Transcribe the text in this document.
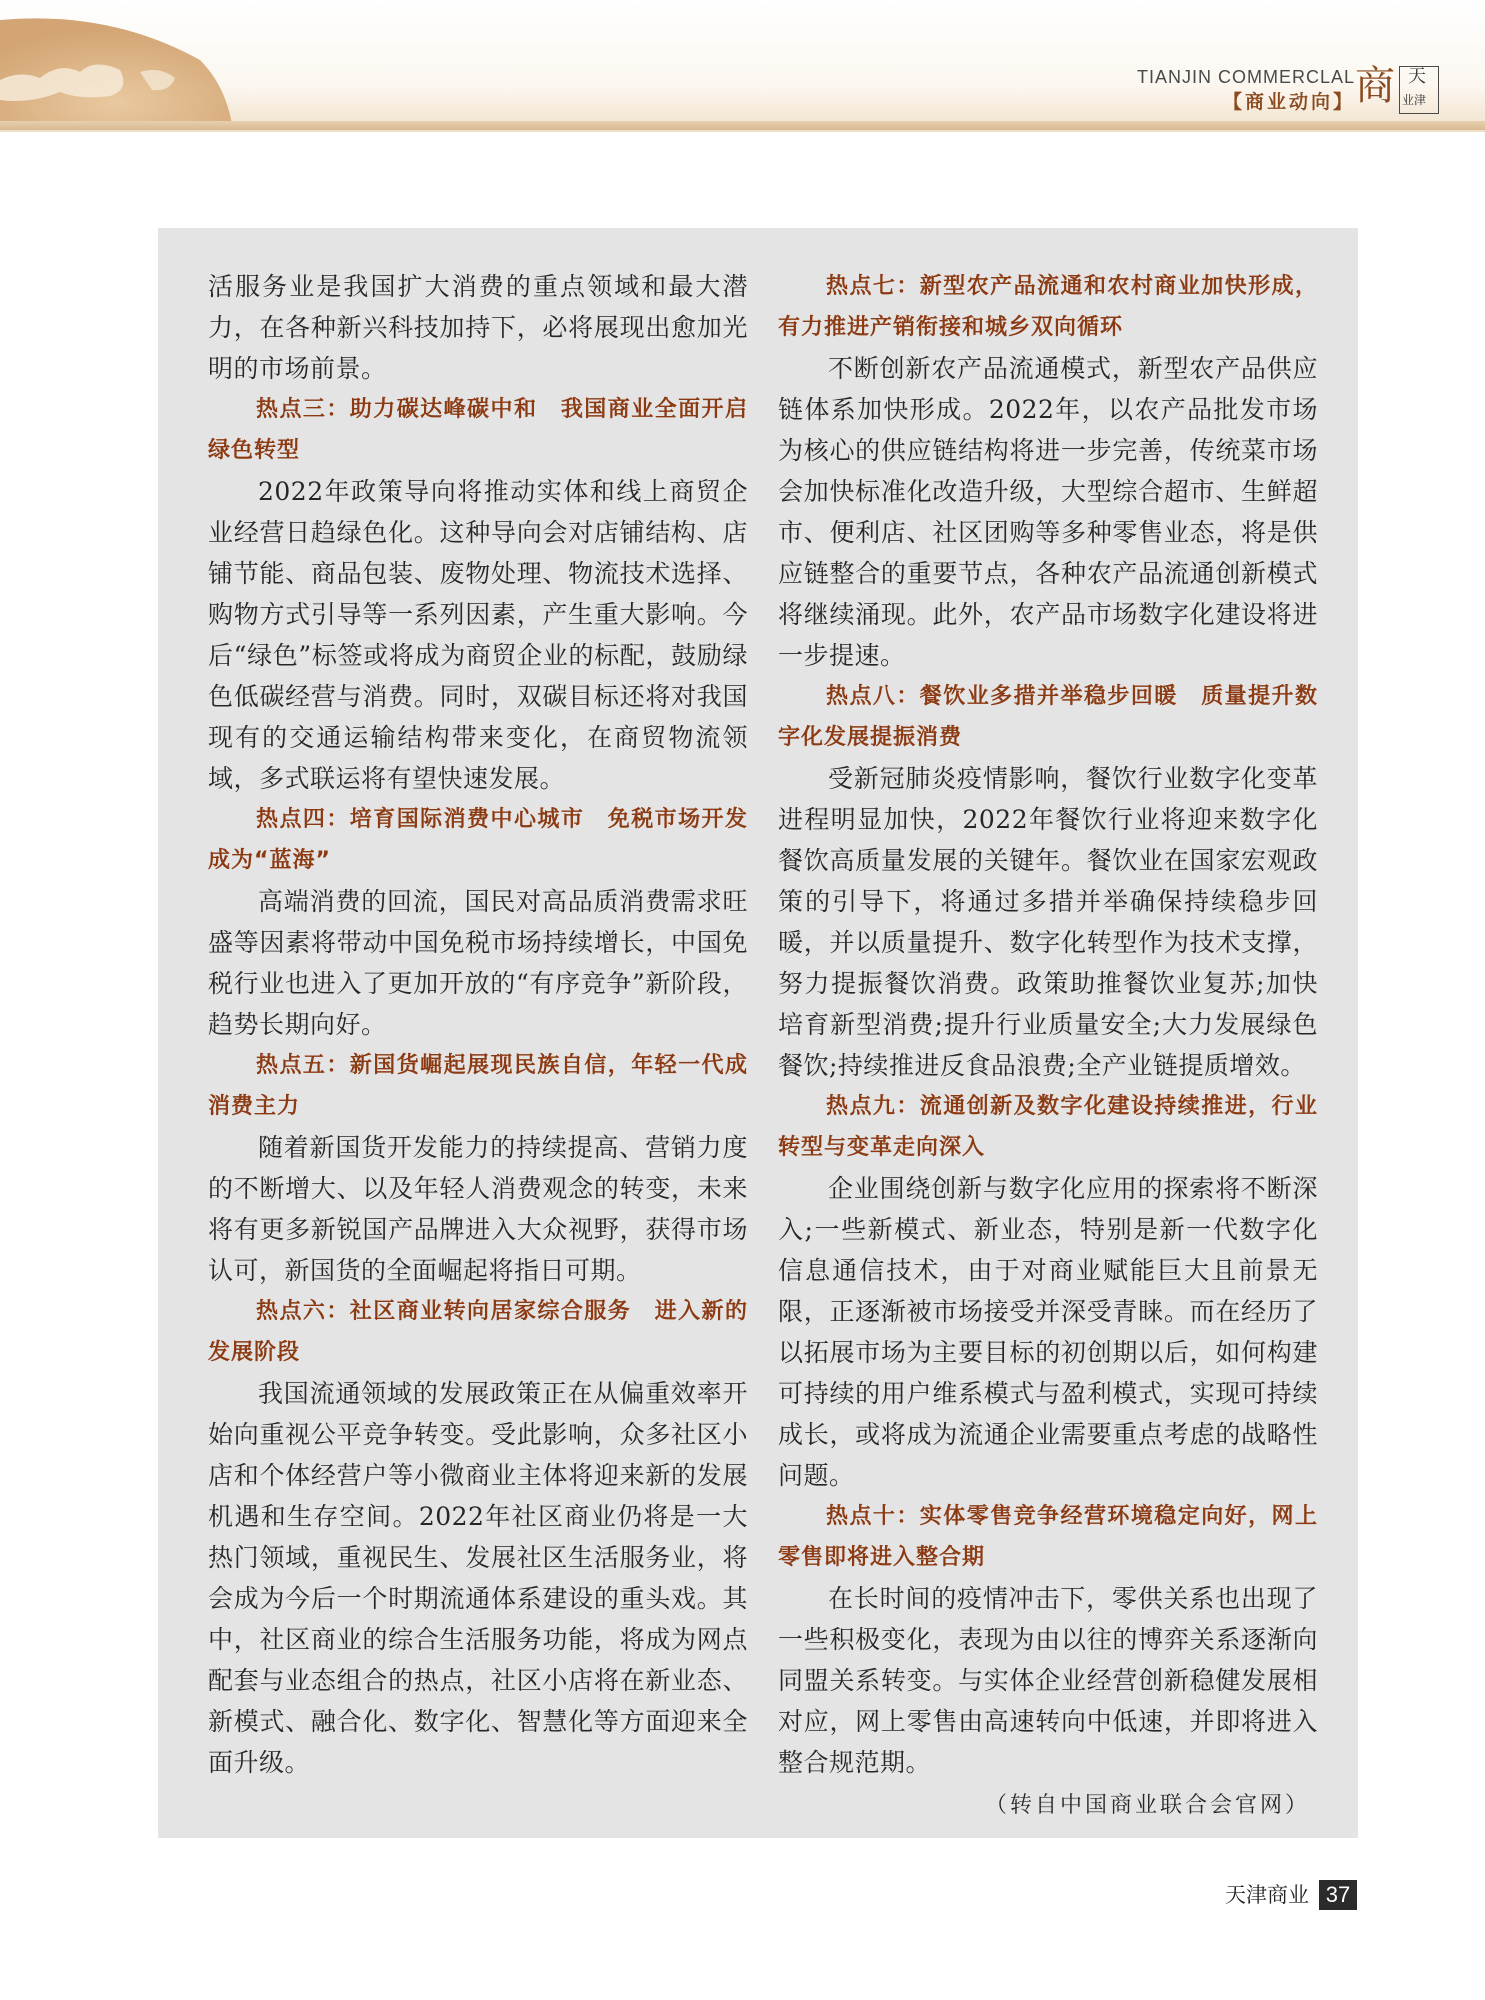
TIANJIN COMMERCLAL
【商业动向】 商 天
业津

活服务业是我国扩大消费的重点领域和最大潜力，在各种新兴科技加持下，必将展现出愈加光明的市场前景。

热点三：助力碳达峰碳中和　我国商业全面开启绿色转型

2022年政策导向将推动实体和线上商贸企业经营日趋绿色化。这种导向会对店铺结构、店铺节能、商品包装、废物处理、物流技术选择、购物方式引导等一系列因素，产生重大影响。今后“绿色”标签或将成为商贸企业的标配，鼓励绿色低碳经营与消费。同时，双碳目标还将对我国现有的交通运输结构带来变化，在商贸物流领域，多式联运将有望快速发展。

热点四：培育国际消费中心城市　免税市场开发成为“蓝海”

高端消费的回流，国民对高品质消费需求旺盛等因素将带动中国免税市场持续增长，中国免税行业也进入了更加开放的“有序竞争”新阶段，趋势长期向好。

热点五：新国货崛起展现民族自信，年轻一代成消费主力

随着新国货开发能力的持续提高、营销力度的不断增大、以及年轻人消费观念的转变，未来将有更多新锐国产品牌进入大众视野，获得市场认可，新国货的全面崛起将指日可期。

热点六：社区商业转向居家综合服务　进入新的发展阶段

我国流通领域的发展政策正在从偏重效率开始向重视公平竞争转变。受此影响，众多社区小店和个体经营户等小微商业主体将迎来新的发展机遇和生存空间。2022年社区商业仍将是一大热门领域，重视民生、发展社区生活服务业，将会成为今后一个时期流通体系建设的重头戏。其中，社区商业的综合生活服务功能，将成为网点配套与业态组合的热点，社区小店将在新业态、新模式、融合化、数字化、智慧化等方面迎来全面升级。

热点七：新型农产品流通和农村商业加快形成，有力推进产销衔接和城乡双向循环

不断创新农产品流通模式，新型农产品供应链体系加快形成。2022年，以农产品批发市场为核心的供应链结构将进一步完善，传统菜市场会加快标准化改造升级，大型综合超市、生鲜超市、便利店、社区团购等多种零售业态，将是供应链整合的重要节点，各种农产品流通创新模式将继续涌现。此外，农产品市场数字化建设将进一步提速。

热点八：餐饮业多措并举稳步回暖　质量提升数字化发展提振消费

受新冠肺炎疫情影响，餐饮行业数字化变革进程明显加快，2022年餐饮行业将迎来数字化餐饮高质量发展的关键年。餐饮业在国家宏观政策的引导下，将通过多措并举确保持续稳步回暖，并以质量提升、数字化转型作为技术支撑，努力提振餐饮消费。政策助推餐饮业复苏;加快培育新型消费;提升行业质量安全;大力发展绿色餐饮;持续推进反食品浪费;全产业链提质增效。

热点九：流通创新及数字化建设持续推进，行业转型与变革走向深入

企业围绕创新与数字化应用的探索将不断深入;一些新模式、新业态，特别是新一代数字化信息通信技术，由于对商业赋能巨大且前景无限，正逐渐被市场接受并深受青睐。而在经历了以拓展市场为主要目标的初创期以后，如何构建可持续的用户维系模式与盈利模式，实现可持续成长，或将成为流通企业需要重点考虑的战略性问题。

热点十：实体零售竞争经营环境稳定向好，网上零售即将进入整合期

在长时间的疫情冲击下，零供关系也出现了一些积极变化，表现为由以往的博弈关系逐渐向同盟关系转变。与实体企业经营创新稳健发展相对应，网上零售由高速转向中低速，并即将进入整合规范期。

（转自中国商业联合会官网）

天津商业 37
